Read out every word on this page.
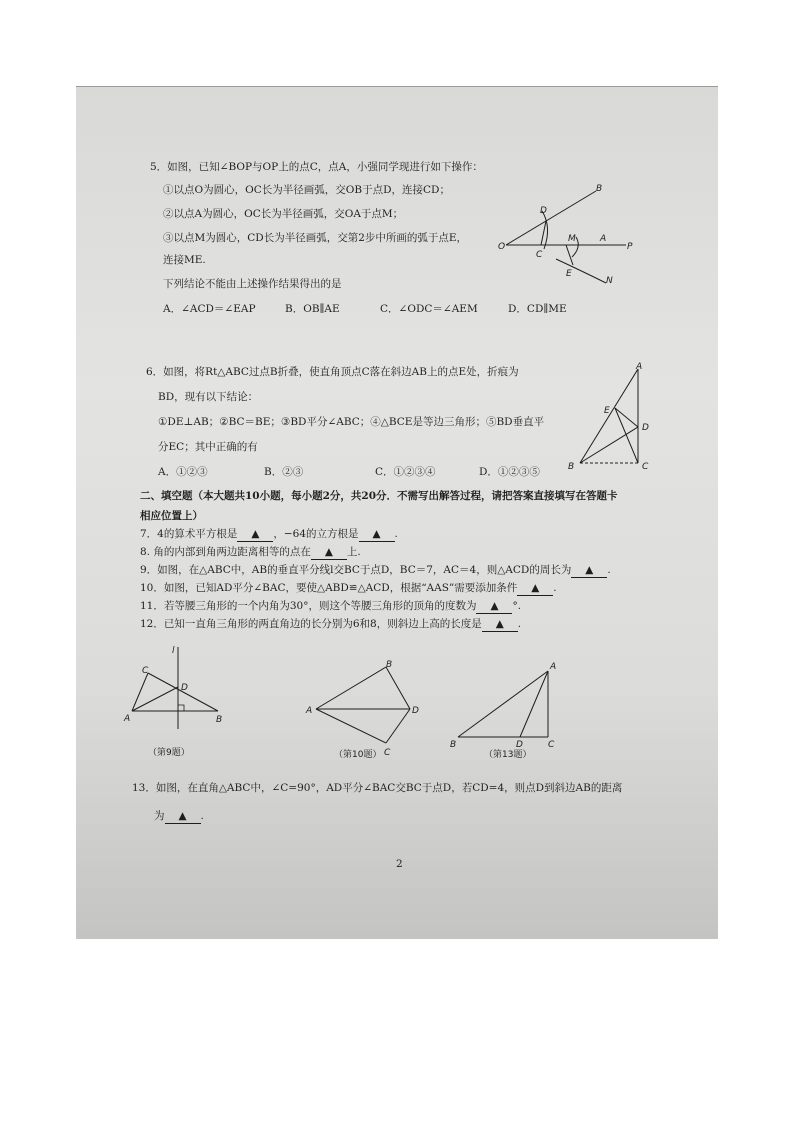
5．如图，已知∠BOP与OP上的点C，点A，小强同学现进行如下操作：
①以点O为圆心，OC长为半径画弧，交OB于点D，连接CD；
②以点A为圆心，OC长为半径画弧，交OA于点M；
③以点M为圆心，CD长为半径画弧，交第2步中所画的弧于点E，
连接ME.
下列结论不能由上述操作结果得出的是
A．∠ACD＝∠EAP	B．OB∥AE	C．∠ODC＝∠AEM	D．CD∥ME
B
D
O
C
M	A
P
E
N
6．如图，将Rt△ABC过点B折叠，使直角顶点C落在斜边AB上的点E处，折痕为
BD，现有以下结论：
①DE⊥AB；②BC＝BE；③BD平分∠ABC；④△BCE是等边三角形；⑤BD垂直平
分EC；其中正确的有
A．①②③	B．②③	C．①②③④	D．①②③⑤
A
E
D
B	C
二、填空题（本大题共10小题，每小题2分，共20分．不需写出解答过程，请把答案直接填写在答题卡
相应位置上）
7．4的算术平方根是 ▲ ，−64的立方根是 ▲ .
8. 角的内部到角两边距离相等的点在 ▲ 上.
9．如图，在△ABC中，AB的垂直平分线l交BC于点D，BC＝7，AC＝4，则△ACD的周长为 ▲ .
10．如图，已知AD平分∠BAC，要使△ABD≌△ACD，根据“AAS”需要添加条件 ▲ .
11．若等腰三角形的一个内角为30°，则这个等腰三角形的顶角的度数为 ▲ °.
12．已知一直角三角形的两直角边的长分别为6和8，则斜边上高的长度是 ▲ .
l
C
D
A	B
（第9题）
B
A	D
C
（第10题）
A
B	D	C
（第13题）
13．如图，在直角△ABC中，∠C=90°，AD平分∠BAC交BC于点D，若CD=4，则点D到斜边AB的距离
为 ▲ .
2
